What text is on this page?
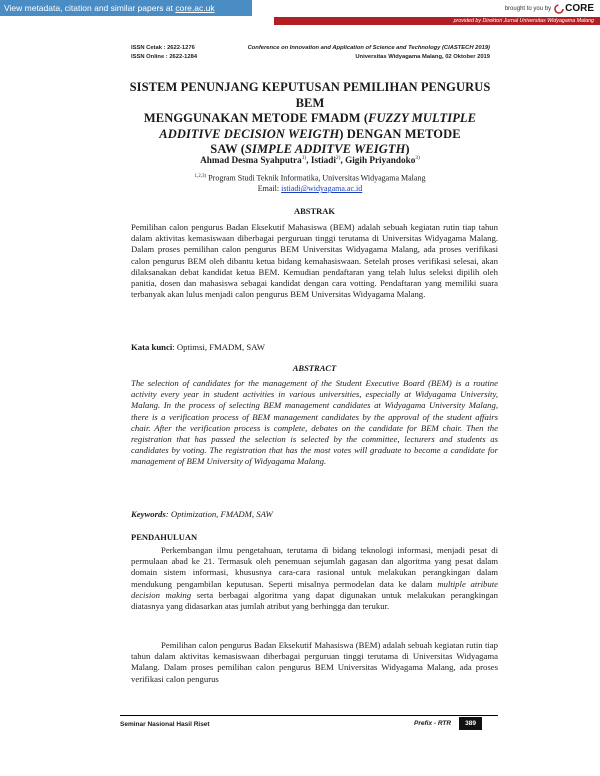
View metadata, citation and similar papers at core.ac.uk	brought to you by CORE
provided by Direktori Jurnal Universitas Widyagama Malang
ISSN Cetak : 2622-1276
ISSN Online : 2622-1284
Conference on Innovation and Application of Science and Technology (CIASTECH 2019)
Universitas Widyagama Malang, 02 Oktober 2019
SISTEM PENUNJANG KEPUTUSAN PEMILIHAN PENGURUS BEM
MENGGUNAKAN METODE FMADM (FUZZY MULTIPLE
ADDITIVE DECISION WEIGTH) DENGAN METODE
SAW (SIMPLE ADDITVE WEIGTH)
Ahmad Desma Syahputra$^{1)}$, Istiadi$^{2)}$, Gigih Priyandoko$^{3)}$
$^{1,2,3)}$ Program Studi Teknik Informatika, Universitas Widyagama Malang
Email: istiadi@widyagama.ac.id
ABSTRAK

Pemilihan calon pengurus Badan Eksekutif Mahasiswa (BEM) adalah sebuah kegiatan rutin tiap tahun dalam aktivitas kemasiswaan diberbagai perguruan tinggi terutama di Universitas Widyagama Malang. Dalam proses pemilihan calon pengurus BEM Universitas Widyagama Malang, ada proses verifikasi calon pengurus BEM oleh dibantu ketua bidang kemahasiswaan. Setelah proses verifikasi selesai, akan dilaksanakan debat kandidat ketua BEM. Kemudian pendaftaran yang telah lulus seleksi dipilih oleh panitia, dosen dan mahasiswa sebagai kandidat dengan cara votting. Pendaftaran yang memiliki suara terbanyak akan lulus menjadi calon pengurus BEM Universitas Widyagama Malang.

Kata kunci: Optimsi, FMADM, SAW
ABSTRACT

The selection of candidates for the management of the Student Executive Board (BEM) is a routine activity every year in student activities in various universities, especially at Widyagama University, Malang. In the process of selecting BEM management candidates at Widyagama University Malang, there is a verification process of BEM management candidates by the approval of the student affairs chair. After the verification process is complete, debates on the candidate for BEM chair. Then the registration that has passed the selection is selected by the committee, lecturers and students as candidates by voting. The registration that has the most votes will graduate to become a candidate for management of BEM University of Widyagama Malang.

Keywords: Optimization, FMADM, SAW
PENDAHULUAN

Perkembangan ilmu pengetahuan, terutama di bidang teknologi informasi, menjadi pesat di permulaan abad ke 21. Termasuk oleh penemuan sejumlah gagasan dan algoritma yang pesat dalam domain sistem informasi, khususnya cara-cara rasional untuk melakukan perangkingan dalam mendukung pengambilan keputusan. Seperti misalnya permodelan data ke dalam multiple atribute decision making serta berbagai algoritma yang dapat digunakan untuk melakukan perangkingan diatasnya yang didasarkan atas jumlah atribut yang berhingga dan terukur.

Pemilihan calon pengurus Badan Eksekutif Mahasiswa (BEM) adalah sebuah kegiatan rutin tiap tahun dalam aktivitas kemasiswaan diberbagai perguruan tinggi terutama di Universitas Widyagama Malang. Dalam proses pemilihan calon pengurus BEM Universitas Widyagama Malang, ada proses verifikasi calon pengurus

Seminar Nasional Hasil Riset	Prefix - RTR	389
